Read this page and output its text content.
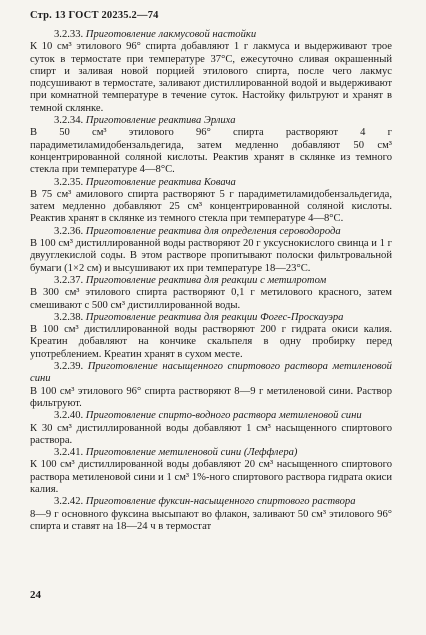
Стр. 13 ГОСТ 20235.2—74

3.2.33. Приготовление лакмусовой настойки
К 10 см³ этилового 96° спирта добавляют 1 г лакмуса и выдерживают трое суток в термостате при температуре 37°С, ежесуточно сливая окрашенный спирт и заливая новой порцией этилового спирта, после чего лакмус подсушивают в термостате, заливают дистиллированной водой и выдерживают при комнатной температуре в течение суток. Настойку фильтруют и хранят в темной склянке.

3.2.34. Приготовление реактива Эрлиха
В 50 см³ этилового 96° спирта растворяют 4 г парадиметиламидобензальдегида, затем медленно добавляют 50 см³ концентрированной соляной кислоты. Реактив хранят в склянке из темного стекла при температуре 4—8°С.

3.2.35. Приготовление реактива Ковача
В 75 см³ амилового спирта растворяют 5 г парадиметиламидобензальдегида, затем медленно добавляют 25 см³ концентрированной соляной кислоты. Реактив хранят в склянке из темного стекла при температуре 4—8°С.

3.2.36. Приготовление реактива для определения сероводорода
В 100 см³ дистиллированной воды растворяют 20 г уксуснокислого свинца и 1 г двууглекислой соды. В этом растворе пропитывают полоски фильтровальной бумаги (1×2 см) и высушивают их при температуре 18—23°С.

3.2.37. Приготовление реактива для реакции с метилротом
В 300 см³ этилового спирта растворяют 0,1 г метилового красного, затем смешивают с 500 см³ дистиллированной воды.

3.2.38. Приготовление реактива для реакции Фогес-Проскауэра
В 100 см³ дистиллированной воды растворяют 200 г гидрата окиси калия. Креатин добавляют на кончике скальпеля в одну пробирку перед употреблением. Креатин хранят в сухом месте.

3.2.39. Приготовление насыщенного спиртового раствора метиленовой сини
В 100 см³ этилового 96° спирта растворяют 8—9 г метиленовой сини. Раствор фильтруют.

3.2.40. Приготовление спирто-водного раствора метиленовой сини
К 30 см³ дистиллированной воды добавляют 1 см³ насыщенного спиртового раствора.

3.2.41. Приготовление метиленовой сини (Леффлера)
К 100 см³ дистиллированной воды добавляют 20 см³ насыщенного спиртового раствора метиленовой сини и 1 см³ 1%-ного спиртового раствора гидрата окиси калия.

3.2.42. Приготовление фуксин-насыщенного спиртового раствора
8—9 г основного фуксина высыпают во флакон, заливают 50 см³ этилового 96° спирта и ставят на 18—24 ч в термостат

24
